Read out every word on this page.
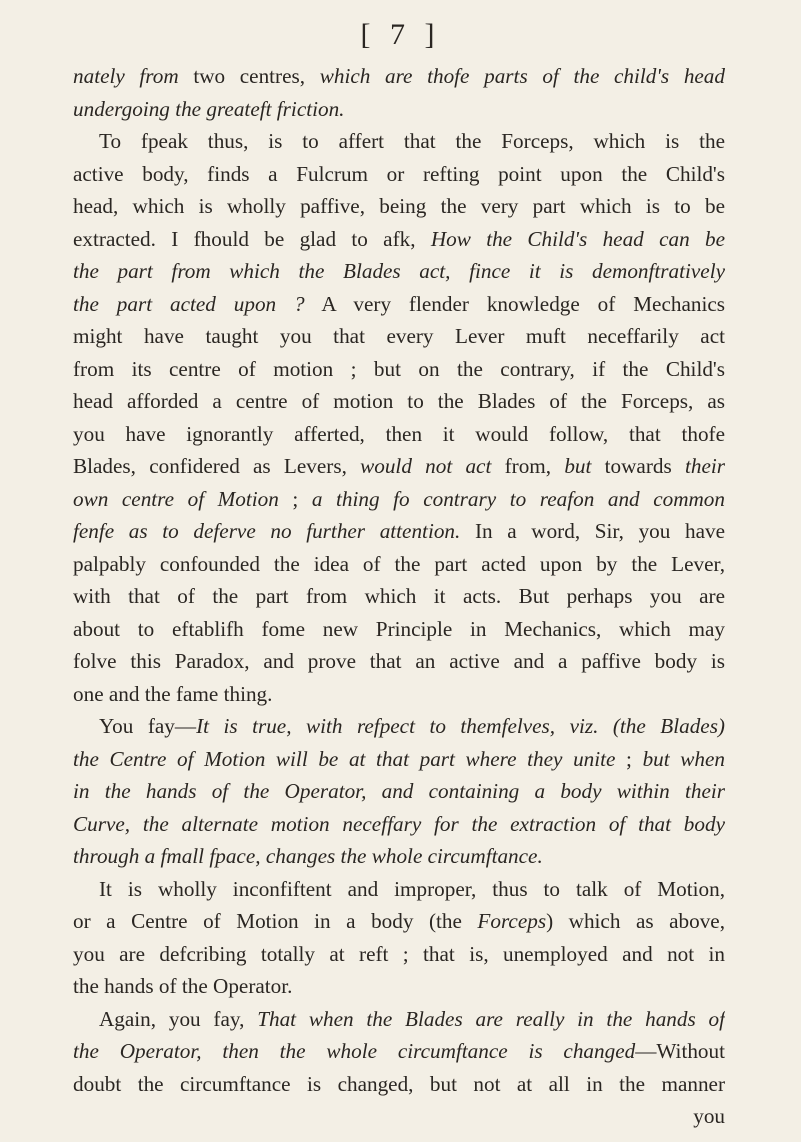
[ 7 ]
nately from two centres, which are thofe parts of the child's head
undergoing the greateft friction.
To fpeak thus, is to affert that the Forceps, which is the
active body, finds a Fulcrum or refting point upon the Child's
head, which is wholly paffive, being the very part which is to be
extracted. I fhould be glad to afk, How the Child's head can be
the part from which the Blades act, fince it is demonftratively
the part acted upon ? A very flender knowledge of Mechanics
might have taught you that every Lever muft neceffarily act
from its centre of motion ; but on the contrary, if the Child's
head afforded a centre of motion to the Blades of the Forceps, as
you have ignorantly afferted, then it would follow, that thofe
Blades, confidered as Levers, would not act from, but towards their
own centre of Motion ; a thing fo contrary to reafon and common
fenfe as to deferve no further attention. In a word, Sir, you have
palpably confounded the idea of the part acted upon by the Lever,
with that of the part from which it acts. But perhaps you are
about to eftablifh fome new Principle in Mechanics, which may
folve this Paradox, and prove that an active and a paffive body is
one and the fame thing.
You fay—It is true, with refpect to themfelves, viz. (the Blades)
the Centre of Motion will be at that part where they unite ; but when
in the hands of the Operator, and containing a body within their
Curve, the alternate motion neceffary for the extraction of that body
through a fmall fpace, changes the whole circumftance.
It is wholly inconfiftent and improper, thus to talk of Motion,
or a Centre of Motion in a body (the Forceps) which as above,
you are defcribing totally at reft ; that is, unemployed and not in
the hands of the Operator.
Again, you fay, That when the Blades are really in the hands of
the Operator, then the whole circumftance is changed—Without
doubt the circumftance is changed, but not at all in the manner
you
